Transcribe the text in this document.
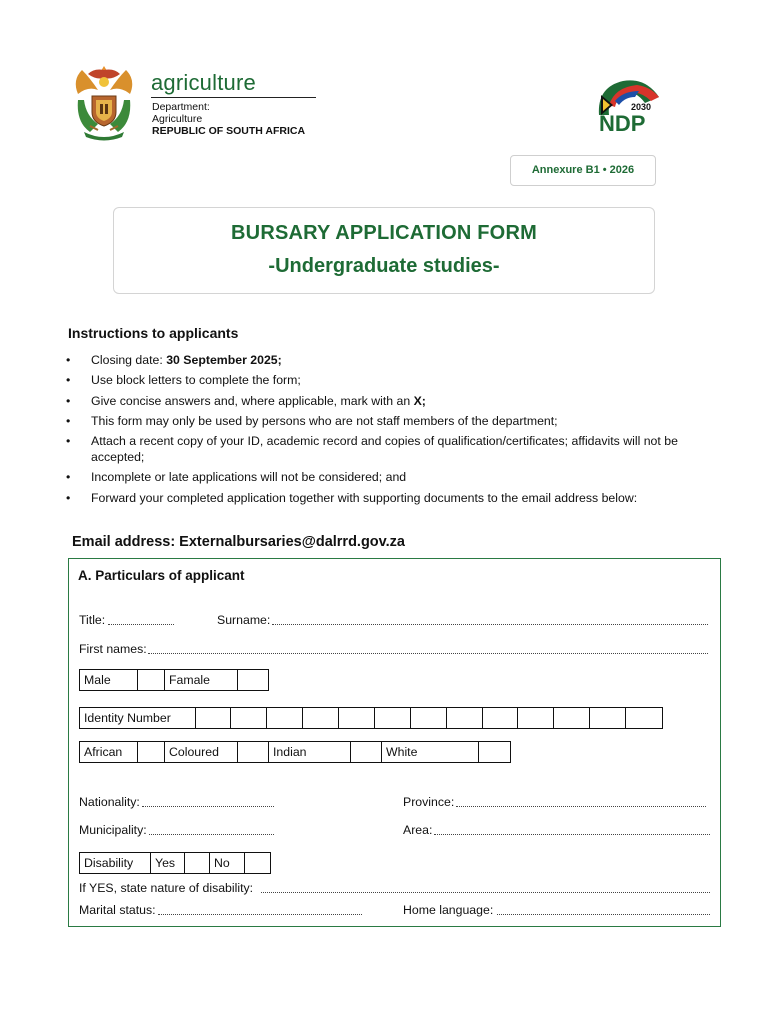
agriculture
Department:
Agriculture
REPUBLIC OF SOUTH AFRICA
2030
NDP
Annexure B1 • 2026
BURSARY APPLICATION FORM
-Undergraduate studies-
Instructions to applicants
• Closing date: 30 September 2025;
• Use block letters to complete the form;
• Give concise answers and, where applicable, mark with an X;
• This form may only be used by persons who are not staff members of the department;
• Attach a recent copy of your ID, academic record and copies of qualification/certificates; affidavits will not be accepted;
• Incomplete or late applications will not be considered; and
• Forward your completed application together with supporting documents to the email address below:
Email address: Externalbursaries@dalrrd.gov.za
A. Particulars of applicant
Title:	Surname:
First names:
Male	Famale
Identity Number
African	Coloured	Indian	White
Nationality:	Province:
Municipality:	Area:
Disability	Yes	No
If YES, state nature of disability:
Marital status:	Home language:
